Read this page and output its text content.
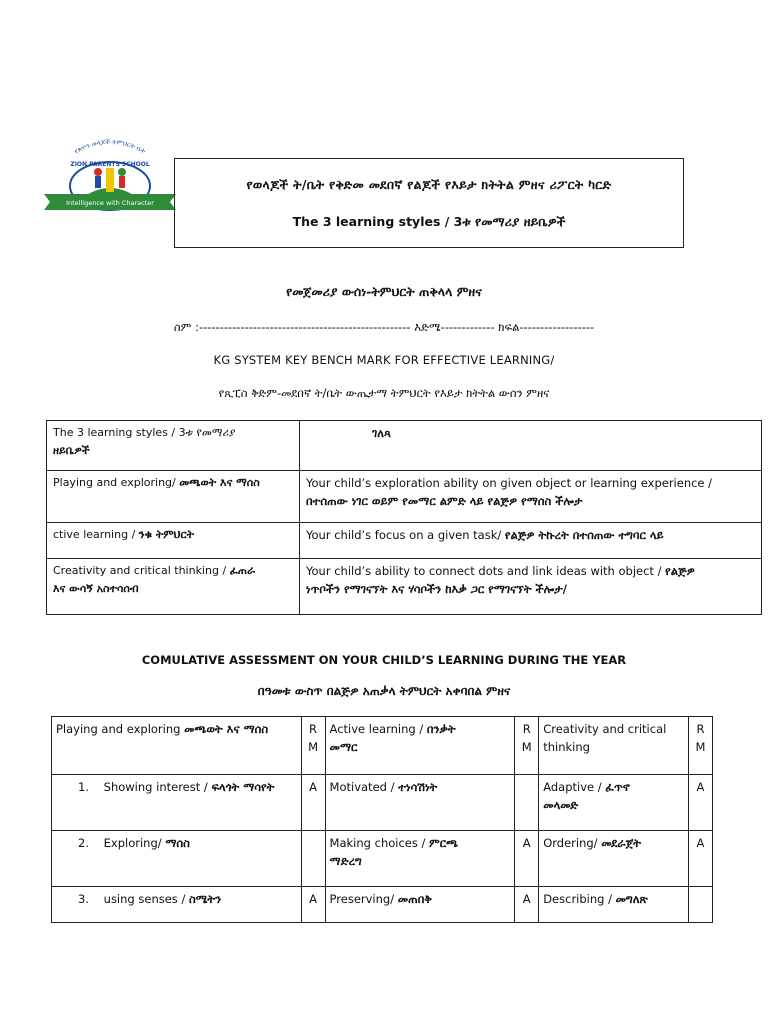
የጽዮን ወላጆች ትምህርት ቤት
ZION PARENTS SCHOOL
Intelligence with Character
የወላጆች ት/ቤት የቅድመ መደበኛ የልጆች የእይታ ክትትል ምዘና ሪፖርት ካርድ
The 3 learning styles / 3ቱ የመማሪያ ዘይቤዎች
የመጀመሪያ ውሰነ-ትምህርት ጠቅላላ ምዘና
ስም :--------------------------------------------------- እድሜ------------- ክፍል------------------
KG SYSTEM KEY BENCH MARK FOR EFFECTIVE LEARNING/
የጺፒስ ቅድም-መደበኛ ት/ቤት ውጤታማ ትምህርት የእይታ ክትትል ውሰን ምዘና
The 3 learning styles / 3ቱ የመማሪያ
ዘይቤዎች	ገለጻ
Playing and exploring/ መጫወት እና ማሰስ	Your child’s exploration ability on given object or learning experience /
በተሰጠው ነገር ወይም የመማር ልምድ ላይ የልጅዎ የማሰስ ችሎታ
ctive learning / ንቁ ትምህርት	Your child’s focus on a given task/ የልጅዎ ትኩረት በተሰጠው ተግባር ላይ
Creativity and critical thinking / ፈጠራ
እና ውሳኝ አስተሳሰብ	Your child’s ability to connect dots and link ideas with object / የልጅዎ
ነጥቦችን የማገናኘት እና ሃሳቦችን ከእቃ ጋር የማገናኘት ችሎታ/
COMULATIVE ASSESSMENT ON YOUR CHILD’S LEARNING DURING THE YEAR
በዓመቱ ውስጥ በልጅዎ አጠቃላ ትምህርት አቀባበል ምዘና
Playing and exploring መጫወት እና ማሰስ	R
M	Active learning / በንቃት
መማር	R
M	Creativity and critical
thinking	R
M
1. Showing interest / ፍላጎት ማሳየት	A	Motivated / ተነሳሽነት		Adaptive / ፈጥኖ
መላመድ	A
2. Exploring/ ማሰስ		Making choices / ምርጫ
ማድረግ	A	Ordering/ መደራጀት	A
3. using senses / ስሜትን	A	Preserving/ መጠበቅ	A	Describing / መግለጽ	
